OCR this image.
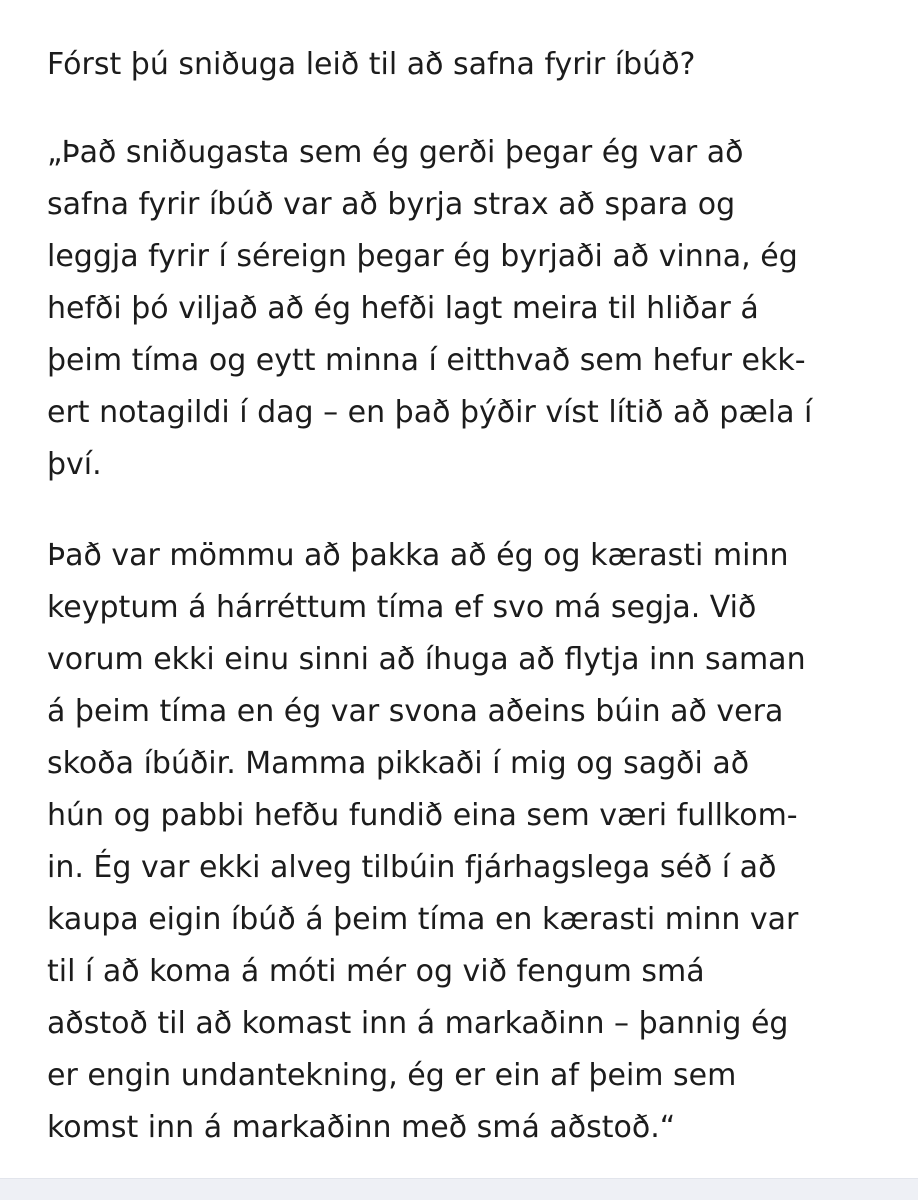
Fórst þú sniðuga leið til að safna fyrir íbúð?

„Það sniðugasta sem ég gerði þegar ég var að
safna fyrir íbúð var að byrja strax að spara og
leggja fyrir í séreign þegar ég byrjaði að vinna, ég
hefði þó viljað að ég hefði lagt meira til hliðar á
þeim tíma og eytt minna í eitthvað sem hefur ekk-
ert notagildi í dag – en það þýðir víst lítið að pæla í
því.

Það var mömmu að þakka að ég og kærasti minn
keyptum á hárréttum tíma ef svo má segja. Við
vorum ekki einu sinni að íhuga að flytja inn saman
á þeim tíma en ég var svona aðeins búin að vera
skoða íbúðir. Mamma pikkaði í mig og sagði að
hún og pabbi hefðu fundið eina sem væri fullkom-
in. Ég var ekki alveg tilbúin fjárhagslega séð í að
kaupa eigin íbúð á þeim tíma en kærasti minn var
til í að koma á móti mér og við fengum smá
aðstoð til að komast inn á markaðinn – þannig ég
er engin undantekning, ég er ein af þeim sem
komst inn á markaðinn með smá aðstoð.“
